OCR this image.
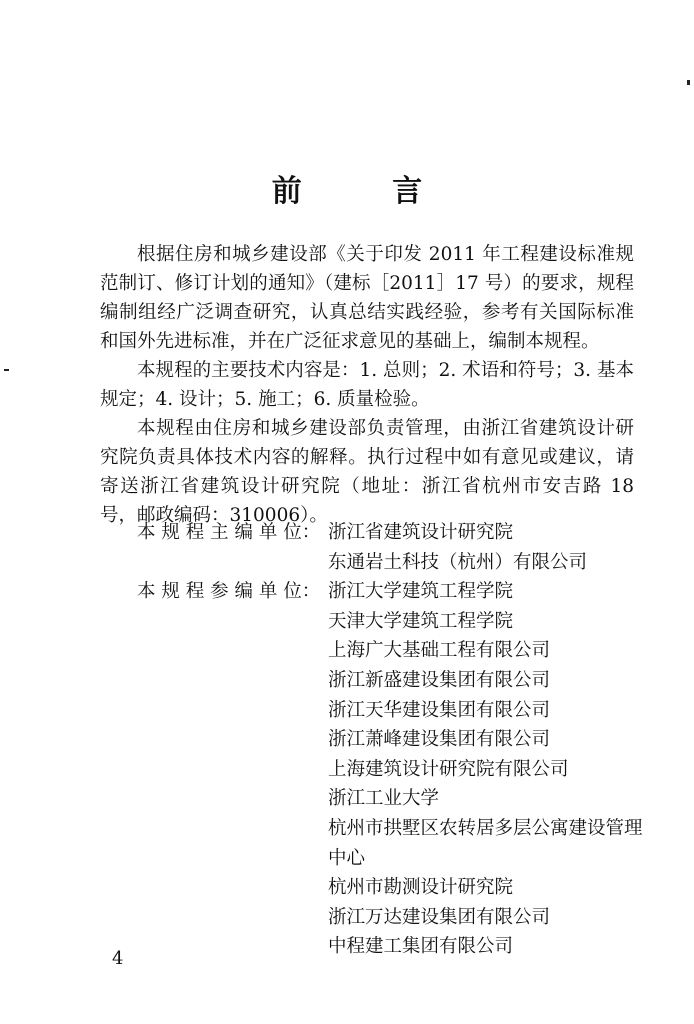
前 言

根据住房和城乡建设部《关于印发 2011 年工程建设标准规范制订、修订计划的通知》（建标［2011］17 号）的要求，规程编制组经广泛调查研究，认真总结实践经验，参考有关国际标准和国外先进标准，并在广泛征求意见的基础上，编制本规程。

本规程的主要技术内容是：1. 总则；2. 术语和符号；3. 基本规定；4. 设计；5. 施工；6. 质量检验。

本规程由住房和城乡建设部负责管理，由浙江省建筑设计研究院负责具体技术内容的解释。执行过程中如有意见或建议，请寄送浙江省建筑设计研究院（地址：浙江省杭州市安吉路 18 号，邮政编码：310006）。

本 规 程 主 编 单 位： 浙江省建筑设计研究院
东通岩土科技（杭州）有限公司
本 规 程 参 编 单 位： 浙江大学建筑工程学院
天津大学建筑工程学院
上海广大基础工程有限公司
浙江新盛建设集团有限公司
浙江天华建设集团有限公司
浙江萧峰建设集团有限公司
上海建筑设计研究院有限公司
浙江工业大学
杭州市拱墅区农转居多层公寓建设管理中心
杭州市勘测设计研究院
浙江万达建设集团有限公司
中程建工集团有限公司
4
